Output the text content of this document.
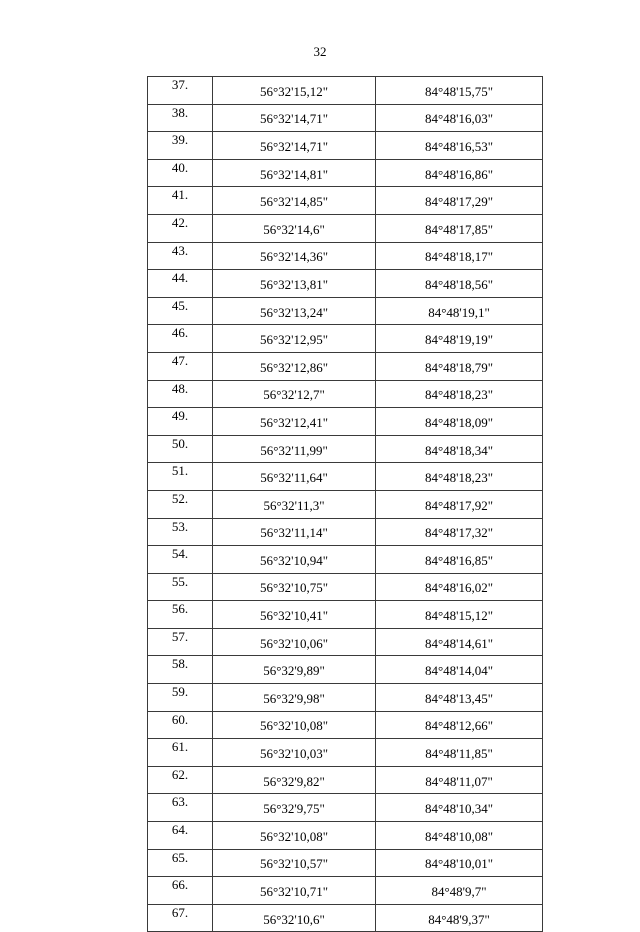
32
37.	56°32'15,12"	84°48'15,75"
38.	56°32'14,71"	84°48'16,03"
39.	56°32'14,71"	84°48'16,53"
40.	56°32'14,81"	84°48'16,86"
41.	56°32'14,85"	84°48'17,29"
42.	56°32'14,6"	84°48'17,85"
43.	56°32'14,36"	84°48'18,17"
44.	56°32'13,81"	84°48'18,56"
45.	56°32'13,24"	84°48'19,1"
46.	56°32'12,95"	84°48'19,19"
47.	56°32'12,86"	84°48'18,79"
48.	56°32'12,7"	84°48'18,23"
49.	56°32'12,41"	84°48'18,09"
50.	56°32'11,99"	84°48'18,34"
51.	56°32'11,64"	84°48'18,23"
52.	56°32'11,3"	84°48'17,92"
53.	56°32'11,14"	84°48'17,32"
54.	56°32'10,94"	84°48'16,85"
55.	56°32'10,75"	84°48'16,02"
56.	56°32'10,41"	84°48'15,12"
57.	56°32'10,06"	84°48'14,61"
58.	56°32'9,89"	84°48'14,04"
59.	56°32'9,98"	84°48'13,45"
60.	56°32'10,08"	84°48'12,66"
61.	56°32'10,03"	84°48'11,85"
62.	56°32'9,82"	84°48'11,07"
63.	56°32'9,75"	84°48'10,34"
64.	56°32'10,08"	84°48'10,08"
65.	56°32'10,57"	84°48'10,01"
66.	56°32'10,71"	84°48'9,7"
67.	56°32'10,6"	84°48'9,37"
